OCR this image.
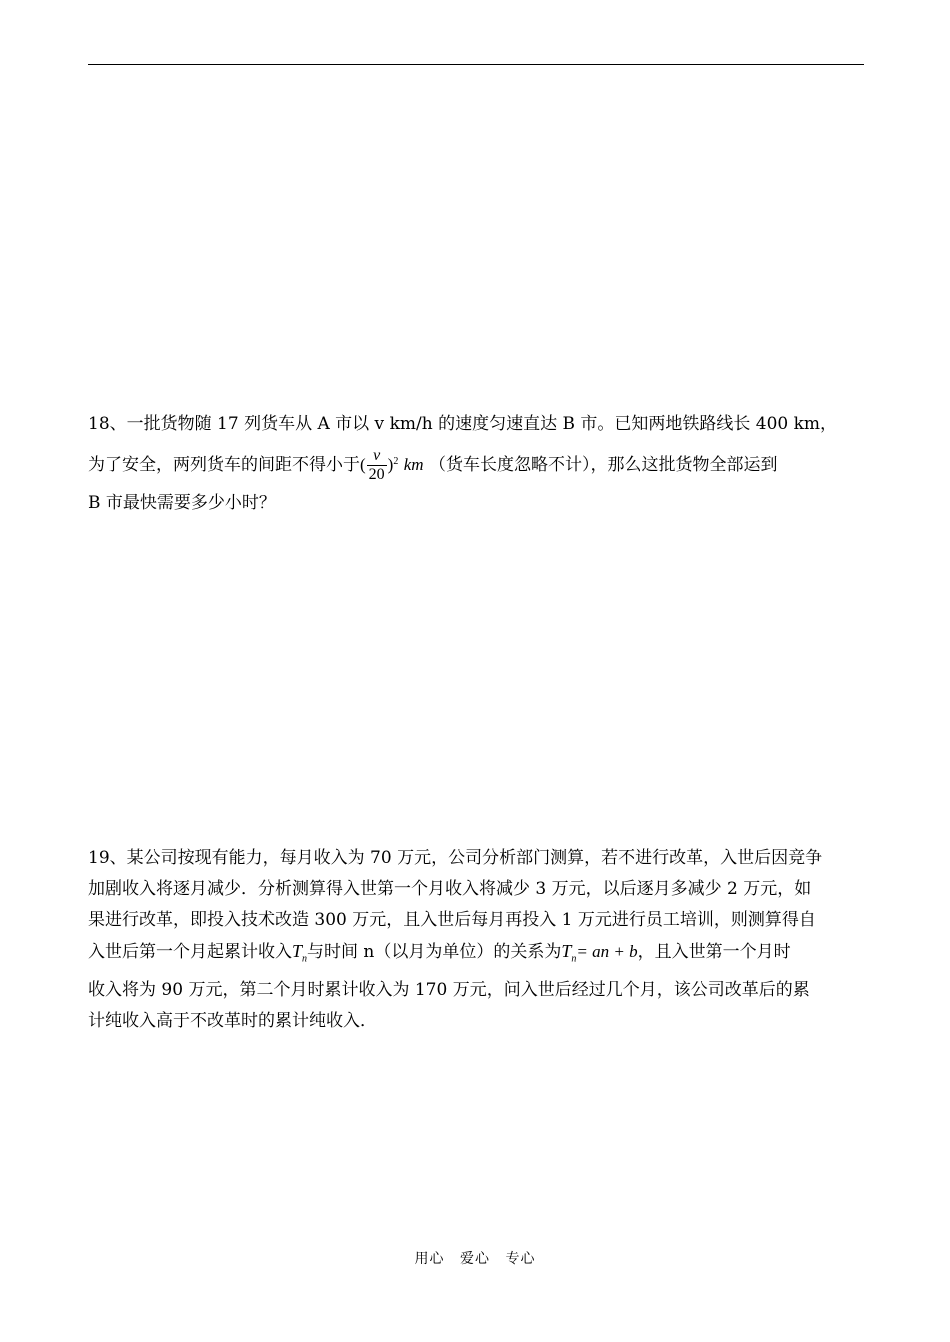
18、一批货物随 17 列货车从 A 市以 v km/h 的速度匀速直达 B 市。已知两地铁路线长 400 km，
为了安全，两列货车的间距不得小于( $\frac{v}{20} )^2$ km （货车长度忽略不计），那么这批货物全部运到
B 市最快需要多少小时？
19、某公司按现有能力，每月收入为 70 万元，公司分析部门测算，若不进行改革，入世后因竞争
加剧收入将逐月减少．分析测算得入世第一个月收入将减少 3 万元，以后逐月多减少 2 万元，如
果进行改革，即投入技术改造 300 万元，且入世后每月再投入 1 万元进行员工培训，则测算得自
入世后第一个月起累计收入$T_n$与时间 n（以月为单位）的关系为$T_n=$ an + b，且入世第一个月时
收入将为 90 万元，第二个月时累计收入为 170 万元，问入世后经过几个月，该公司改革后的累
计纯收入高于不改革时的累计纯收入．
用心 爱心 专心
